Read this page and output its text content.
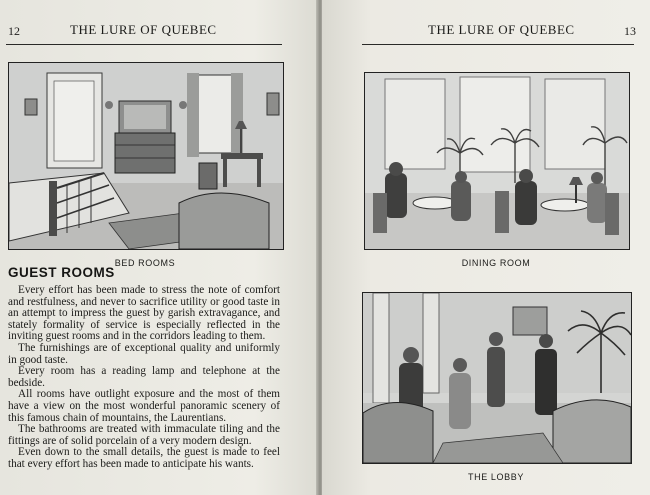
12	THE LURE OF QUEBEC
BED ROOMS
GUEST ROOMS

Every effort has been made to stress the note of comfort and restfulness, and never to sacrifice utility or good taste in an attempt to impress the guest by garish extravagance, and stately formality of service is especially reflected in the inviting guest rooms and in the corridors leading to them.

The furnishings are of exceptional quality and uniformly in good taste.

Every room has a reading lamp and telephone at the bedside.

All rooms have outlight exposure and the most of them have a view on the most wonderful panoramic scenery of this famous chain of mountains, the Laurentians.

The bathrooms are treated with immaculate tiling and the fittings are of solid porcelain of a very modern design.

Even down to the small details, the guest is made to feel that every effort has been made to anticipate his wants.

THE LURE OF QUEBEC	13
DINING ROOM
THE LOBBY
